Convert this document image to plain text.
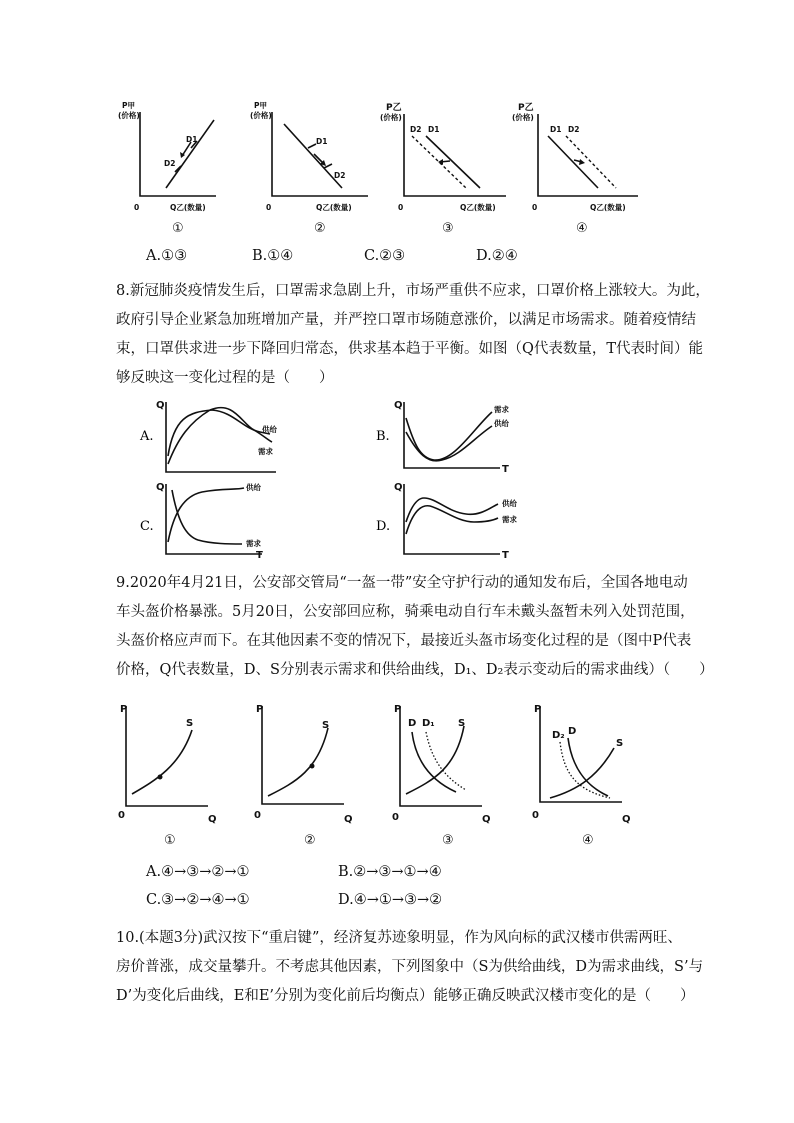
P甲
(价格)
0	Q乙(数量)
D1
D2
①
P甲
(价格)
0	Q乙(数量)
D1
D2
②
P乙
(价格)
0	Q乙(数量)
D2 D1
③
P乙
(价格)
0	Q乙(数量)
D1 D2
④
A.①③	B.①④	C.②③	D.②④
8.新冠肺炎疫情发生后，口罩需求急剧上升，市场严重供不应求，口罩价格上涨较大。为此，
政府引导企业紧急加班增加产量，并严控口罩市场随意涨价，以满足市场需求。随着疫情结
束，口罩供求进一步下降回归常态，供求基本趋于平衡。如图（Q代表数量，T代表时间）能
够反映这一变化过程的是（　　）
A.
Q
供给
需求
B.
Q
T
需求
供给
C.
Q
T
供给
需求
D.
Q
T
供给
需求
9.2020年4月21日，公安部交管局“一盔一带”安全守护行动的通知发布后，全国各地电动
车头盔价格暴涨。5月20日，公安部回应称，骑乘电动自行车未戴头盔暂未列入处罚范围，
头盔价格应声而下。在其他因素不变的情况下，最接近头盔市场变化过程的是（图中P代表
价格，Q代表数量，D、S分别表示需求和供给曲线，D₁、D₂表示变动后的需求曲线）（　　）
P
0	Q
S
①
P
0	Q
S
②
P
0	Q
D D₁ S
③
P
0	Q
D₂ D
S
④
A.④→③→②→①	B.②→③→①→④
C.③→②→④→①	D.④→①→③→②
10.(本题3分)武汉按下“重启键”，经济复苏迹象明显，作为风向标的武汉楼市供需两旺、
房价普涨，成交量攀升。不考虑其他因素，下列图象中（S为供给曲线，D为需求曲线，S’与
D’为变化后曲线，E和E’分别为变化前后均衡点）能够正确反映武汉楼市变化的是（　　）
